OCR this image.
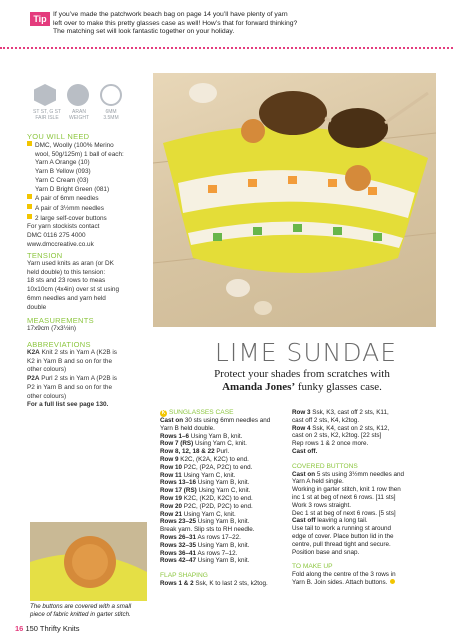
Tip If you’ve made the patchwork beach bag on page 14 you’ll have plenty of yarn
left over to make this pretty glasses case as well! How’s that for forward thinking?
The matching set will look fantastic together on your holiday.
ST ST, G ST
FAIR ISLE
ARAN
WEIGHT
6MM
3.5MM
YOU WILL NEED
DMC, Woolly (100% Merino
wool, 50g/125m) 1 ball of each:
Yarn A Orange (10)
Yarn B Yellow (093)
Yarn C Cream (03)
Yarn D Bright Green (081)
A pair of 6mm needles
A pair of 3½mm needles
2 large self-cover buttons
For yarn stockists contact
DMC 0116 275 4000
www.dmccreative.co.uk
TENSION
Yarn used knits as aran (or DK
held double) to this tension:
18 sts and 23 rows to meas
10x10cm (4x4in) over st st using
6mm needles and yarn held
double
MEASUREMENTS
17x9cm (7x3½in)
ABBREVIATIONS
K2A Knit 2 sts in Yarn A (K2B is
K2 in Yarn B and so on for the
other colours)
P2A Purl 2 sts in Yarn A (P2B is
P2 in Yarn B and so on for the
other colours)
For a full list see page 130.
LIME SUNDAE
Protect your shades from scratches with
Amanda Jones’ funky glasses case.
K SUNGLASSES CASE
Cast on 30 sts using 6mm needles and
Yarn B held double.
Rows 1–6 Using Yarn B, knit.
Row 7 (RS) Using Yarn C, knit.
Row 8, 12, 18 & 22 Purl.
Row 9 K2C, (K2A, K2C) to end.
Row 10 P2C, (P2A, P2C) to end.
Row 11 Using Yarn C, knit.
Rows 13–16 Using Yarn B, knit.
Row 17 (RS) Using Yarn C, knit.
Row 19 K2C, (K2D, K2C) to end.
Row 20 P2C, (P2D, P2C) to end.
Row 21 Using Yarn C, knit.
Rows 23–25 Using Yarn B, knit.
Break yarn. Slip sts to RH needle.
Rows 26–31 As rows 17–22.
Rows 32–35 Using Yarn B, knit.
Rows 36–41 As rows 7–12.
Rows 42–47 Using Yarn B, knit.
FLAP SHAPING
Rows 1 & 2 Ssk, K to last 2 sts, k2tog.
Row 3 Ssk, K3, cast off 2 sts, K11,
cast off 2 sts, K4, k2tog.
Row 4 Ssk, K4, cast on 2 sts, K12,
cast on 2 sts, K2, k2tog. [22 sts]
Rep rows 1 & 2 once more.
Cast off.
COVERED BUTTONS
Cast on 5 sts using 3½mm needles and
Yarn A held single.
Working in garter stitch, knit 1 row then
inc 1 st at beg of next 6 rows. [11 sts]
Work 3 rows straight.
Dec 1 st at beg of next 6 rows. [5 sts]
Cast off leaving a long tail.
Use tail to work a running st around
edge of cover. Place button lid in the
centre, pull thread tight and secure.
Position base and snap.
TO MAKE UP
Fold along the centre of the 3 rows in
Yarn B. Join sides. Attach buttons.
The buttons are covered with a small
piece of fabric knitted in garter stitch.
16 150 Thrifty Knits
